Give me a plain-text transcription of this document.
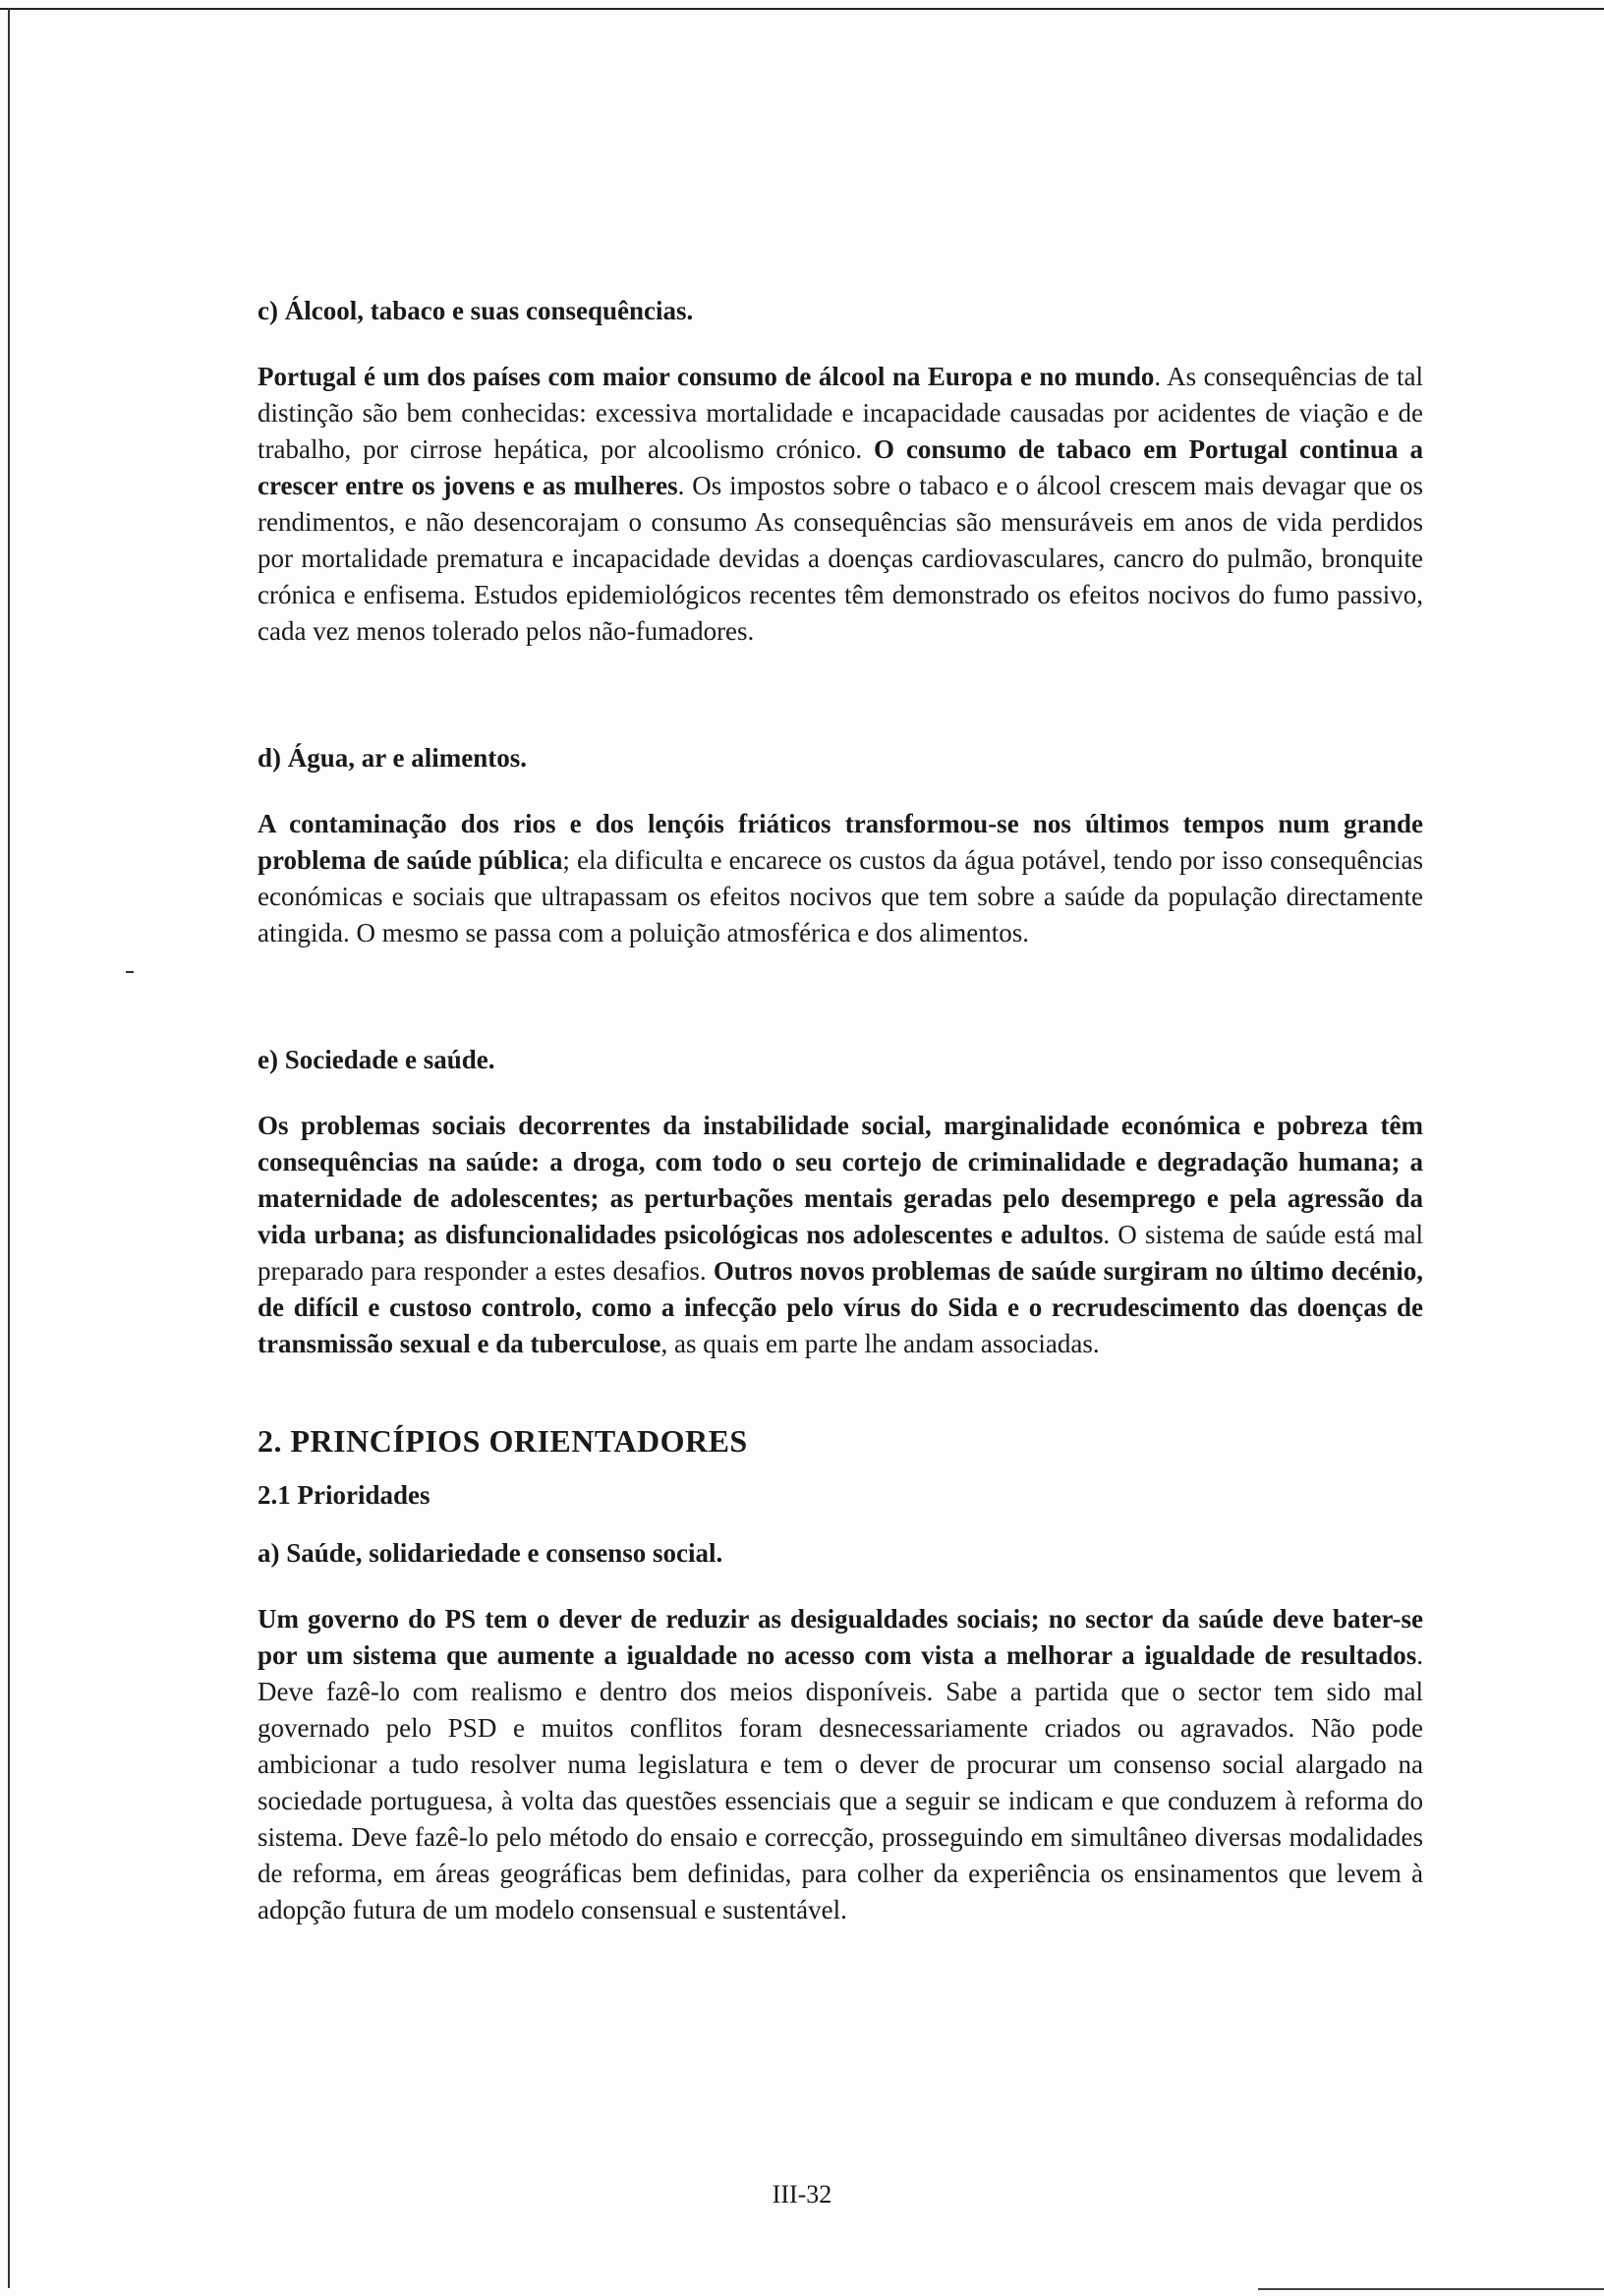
c) Álcool, tabaco e suas consequências.

Portugal é um dos países com maior consumo de álcool na Europa e no mundo. As consequências de tal distinção são bem conhecidas: excessiva mortalidade e incapacidade causadas por acidentes de viação e de trabalho, por cirrose hepática, por alcoolismo crónico. O consumo de tabaco em Portugal continua a crescer entre os jovens e as mulheres. Os impostos sobre o tabaco e o álcool crescem mais devagar que os rendimentos, e não desencorajam o consumo As consequências são mensuráveis em anos de vida perdidos por mortalidade prematura e incapacidade devidas a doenças cardiovasculares, cancro do pulmão, bronquite crónica e enfisema. Estudos epidemiológicos recentes têm demonstrado os efeitos nocivos do fumo passivo, cada vez menos tolerado pelos não-fumadores.

d) Água, ar e alimentos.

A contaminação dos rios e dos lençóis friáticos transformou-se nos últimos tempos num grande problema de saúde pública; ela dificulta e encarece os custos da água potável, tendo por isso consequências económicas e sociais que ultrapassam os efeitos nocivos que tem sobre a saúde da população directamente atingida. O mesmo se passa com a poluição atmosférica e dos alimentos.

e) Sociedade e saúde.

Os problemas sociais decorrentes da instabilidade social, marginalidade económica e pobreza têm consequências na saúde: a droga, com todo o seu cortejo de criminalidade e degradação humana; a maternidade de adolescentes; as perturbações mentais geradas pelo desemprego e pela agressão da vida urbana; as disfuncionalidades psicológicas nos adolescentes e adultos. O sistema de saúde está mal preparado para responder a estes desafios. Outros novos problemas de saúde surgiram no último decénio, de difícil e custoso controlo, como a infecção pelo vírus do Sida e o recrudescimento das doenças de transmissão sexual e da tuberculose, as quais em parte lhe andam associadas.

2. PRINCÍPIOS ORIENTADORES

2.1 Prioridades

a) Saúde, solidariedade e consenso social.

Um governo do PS tem o dever de reduzir as desigualdades sociais; no sector da saúde deve bater-se por um sistema que aumente a igualdade no acesso com vista a melhorar a igualdade de resultados. Deve fazê-lo com realismo e dentro dos meios disponíveis. Sabe a partida que o sector tem sido mal governado pelo PSD e muitos conflitos foram desnecessariamente criados ou agravados. Não pode ambicionar a tudo resolver numa legislatura e tem o dever de procurar um consenso social alargado na sociedade portuguesa, à volta das questões essenciais que a seguir se indicam e que conduzem à reforma do sistema. Deve fazê-lo pelo método do ensaio e correcção, prosseguindo em simultâneo diversas modalidades de reforma, em áreas geográficas bem definidas, para colher da experiência os ensinamentos que levem à adopção futura de um modelo consensual e sustentável.

III-32
